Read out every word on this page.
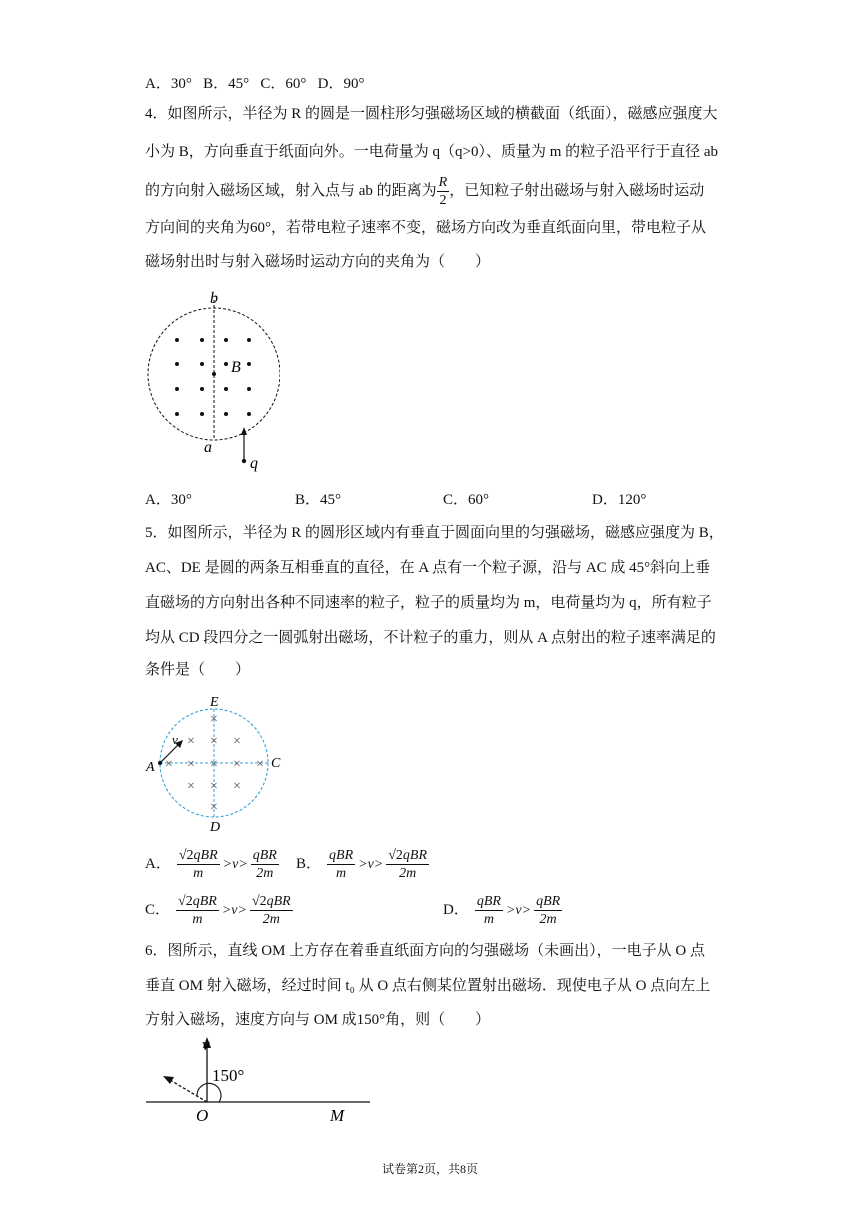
A．30° B．45° C．60° D．90°
4．如图所示，半径为 R 的圆是一圆柱形匀强磁场区域的横截面（纸面），磁感应强度大
小为 B，方向垂直于纸面向外。一电荷量为 q（q>0）、质量为 m 的粒子沿平行于直径 ab
的方向射入磁场区域，射入点与 ab 的距离为 $\frac{R}{2}$ ，已知粒子射出磁场与射入磁场时运动
方向间的夹角为60°，若带电粒子速率不变，磁场方向改为垂直纸面向里，带电粒子从
磁场射出时与射入磁场时运动方向的夹角为（　　）
b
a
B
q
A．30°	B．45°	C．60°	D．120°
5．如图所示，半径为 R 的圆形区域内有垂直于圆面向里的匀强磁场，磁感应强度为 B，
AC、DE 是圆的两条互相垂直的直径，在 A 点有一个粒子源，沿与 AC 成 45°斜向上垂
直磁场的方向射出各种不同速率的粒子，粒子的质量均为 m，电荷量均为 q，所有粒子
均从 CD 段四分之一圆弧射出磁场，不计粒子的重力，则从 A 点射出的粒子速率满足的
条件是（　　）
×
× × ×
× × × × ×
× × ×
×
E
D
A	C
v
A． $\frac{\text{√2qBR}}{m} >v> \frac{\text{qBR}}{2m}$ B． $\frac{\text{qBR}}{m} >v> \frac{\text{√2qBR}}{2m}$
C． $\frac{\text{√2qBR}}{m} >v> \frac{\text{√2qBR}}{2m}$	D． $\frac{\text{qBR}}{m} >v> \frac{\text{qBR}}{2m}$
6．图所示，直线 OM 上方存在着垂直纸面方向的匀强磁场（未画出），一电子从 O 点
垂直 OM 射入磁场，经过时间 t₀ 从 O 点右侧某位置射出磁场．现使电子从 O 点向左上
方射入磁场，速度方向与 OM 成150°角，则（　　）
v
150°
O	M
试卷第2页，共8页
